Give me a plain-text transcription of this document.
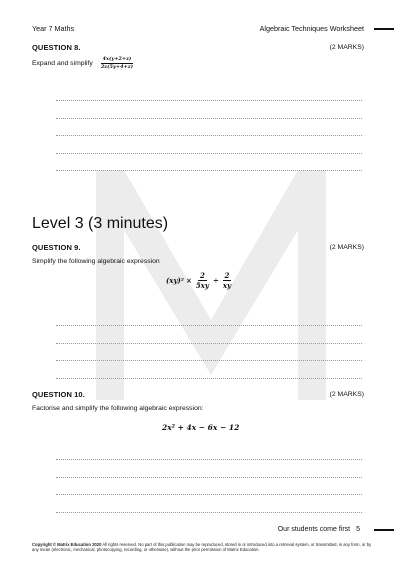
Year 7 Maths	Algebraic Techniques Worksheet
QUESTION 8.	(2 MARKS)
Expand and simplify $\frac{4x(y+2+z)}{2z(5y+4+z)}$
Level 3 (3 minutes)
QUESTION 9.	(2 MARKS)
Simplify the following algebraic expression
$(xy)^2 \times \frac{2}{5xy} \div \frac{2}{xy}$
QUESTION 10.	(2 MARKS)
Factorise and simplify the following algebraic expression:
2x² + 4x − 6x − 12
Our students come first 5
Copyright © Matrix Education 2020 All rights reserved. No part of this publication may be reproduced, stored in or introduced into a retrieval system, or transmitted, in any form, or by any mean (electronic, mechanical, photocopying, recording, or otherwise), without the prior permission of Matrix Education.
